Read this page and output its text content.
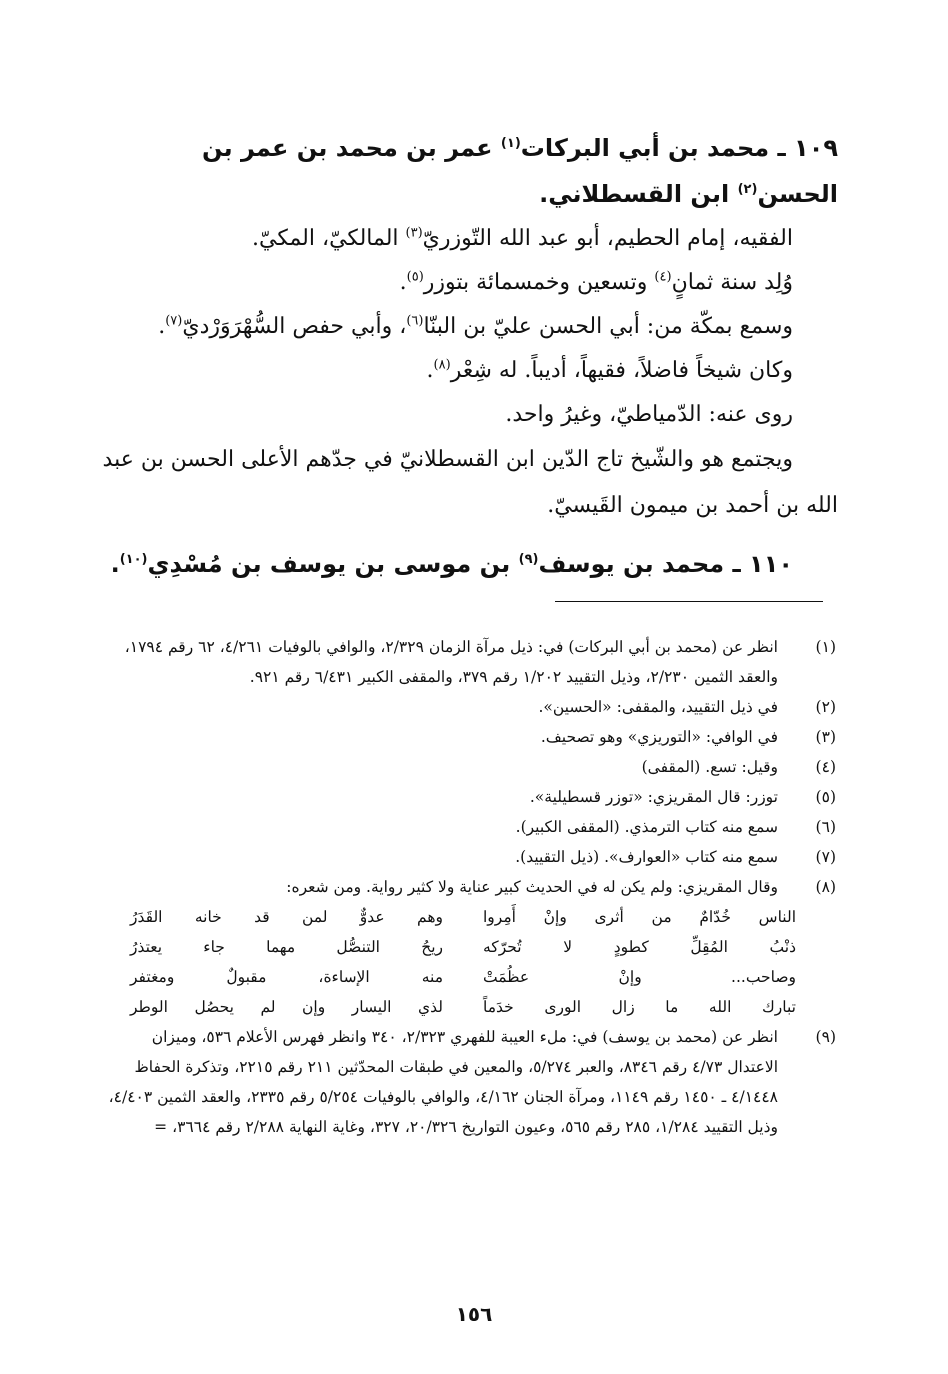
١٠٩ ـ محمد بن أبي البركات$^{(١)}$ عمر بن محمد بن عمر بن الحسن$^{(٢)}$ ابن القسطلاني.

الفقيه، إمام الحطيم، أبو عبد الله التّوزريّ$^{(٣)}$ المالكيّ، المكيّ.

وُلِد سنة ثمانٍ$^{(٤)}$ وتسعين وخمسمائة بتوزر$^{(٥)}$.

وسمع بمكّة من: أبي الحسن عليّ بن البنّا$^{(٦)}$، وأبي حفص السُّهْرَوَرْديّ$^{(٧)}$.

وكان شيخاً فاضلاً، فقيهاً، أديباً. له شِعْر$^{(٨)}$.

روى عنه: الدّمياطيّ، وغيرُ واحد.

ويجتمع هو والشّيخ تاج الدّين ابن القسطلانيّ في جدّهم الأعلى الحسن بن عبد الله بن أحمد بن ميمون القَيسيّ.

١١٠ ـ محمد بن يوسف$^{(٩)}$ بن موسى بن يوسف بن مُسْدِي$^{(١٠)}$.

(١)
انظر عن (محمد بن أبي البركات) في: ذيل مرآة الزمان ٢/٣٢٩، والوافي بالوفيات ٤/٢٦١، ٦٢ رقم ١٧٩٤، والعقد الثمين ٢/٢٣٠، وذيل التقييد ١/٢٠٢ رقم ٣٧٩، والمقفى الكبير ٦/٤٣١ رقم ٩٢١.
(٢)
في ذيل التقييد، والمقفى: «الحسين».
(٣)
في الوافي: «التوريزي» وهو تصحيف.
(٤)
وقيل: تسع. (المقفى)
(٥)
توزر: قال المقريزي: «توزر قسطيلية».
(٦)
سمع منه كتاب الترمذي. (المقفى الكبير).
(٧)
سمع منه كتاب «العوارف». (ذيل التقييد).
(٨)
وقال المقريزي: ولم يكن له في الحديث كبير عناية ولا كثير رواية. ومن شعره:
الناس خُدّامٌ من أثرى وإنْ أَمِروا
وهم عدوٌّ لمن قد خانه القَدَرُ
ذنْبُ المُقِلِّ كطودٍ لا تُحرّكه
ريحُ التنصُّل مهما جاء يعتذرُ
وصاحب... وإنْ عظُمَتْ
منه الإساءة، مقبولٌ ومغتفر
تبارك الله ما زال الورى خدَماً
لذي اليسار وإن لم يحصُل الوطر
(٩)
انظر عن (محمد بن يوسف) في: ملء العيبة للفهري ٢/٣٢٣، ٣٤٠ وانظر فهرس الأعلام ٥٣٦، وميزان الاعتدال ٤/٧٣ رقم ٨٣٤٦، والعبر ٥/٢٧٤، والمعين في طبقات المحدّثين ٢١١ رقم ٢٢١٥، وتذكرة الحفاظ ٤/١٤٤٨ ـ ١٤٥٠ رقم ١١٤٩، ومرآة الجنان ٤/١٦٢، والوافي بالوفيات ٥/٢٥٤ رقم ٢٣٣٥، والعقد الثمين ٤/٤٠٣، وذيل التقييد ١/٢٨٤، ٢٨٥ رقم ٥٦٥، وعيون التواريخ ٢٠/٣٢٦، ٣٢٧، وغاية النهاية ٢/٢٨٨ رقم ٣٦٦٤، =
١٥٦
